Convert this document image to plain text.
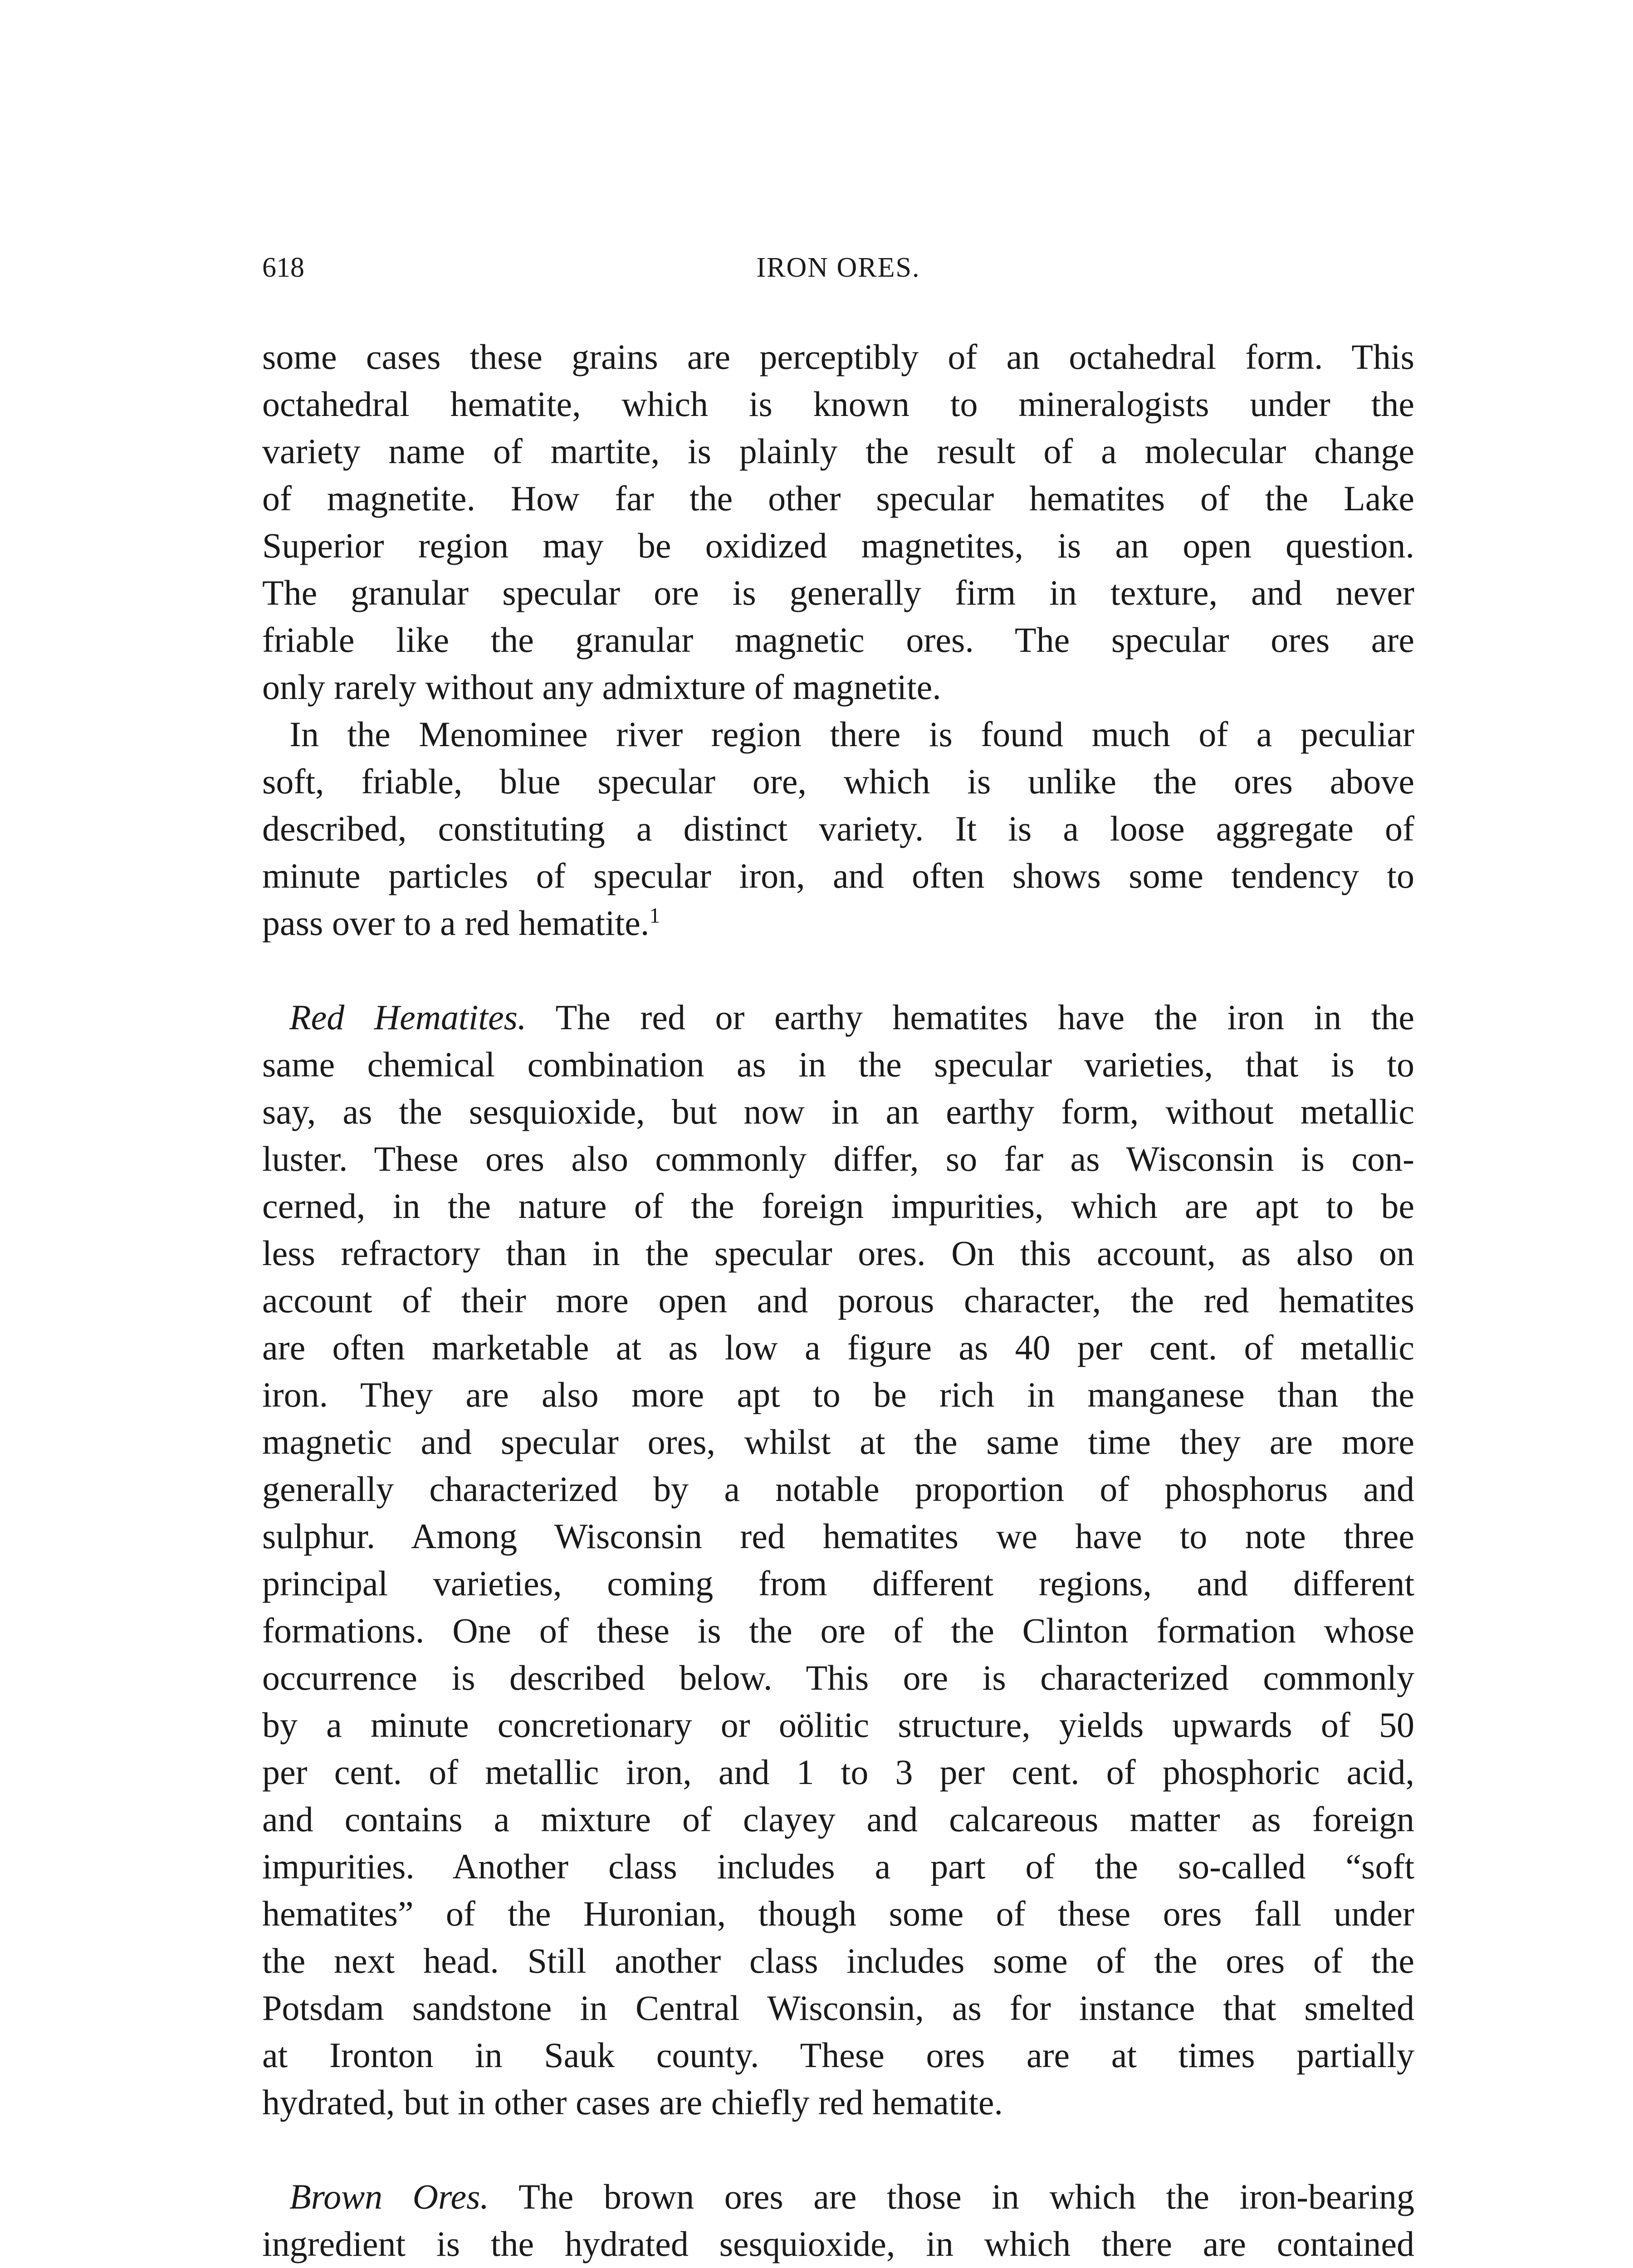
618	IRON ORES.
some cases these grains are perceptibly of an octahedral form. This
octahedral hematite, which is known to mineralogists under the
variety name of martite, is plainly the result of a molecular change
of magnetite. How far the other specular hematites of the Lake
Superior region may be oxidized magnetites, is an open question.
The granular specular ore is generally firm in texture, and never
friable like the granular magnetic ores. The specular ores are
only rarely without any admixture of magnetite.
In the Menominee river region there is found much of a peculiar
soft, friable, blue specular ore, which is unlike the ores above
described, constituting a distinct variety. It is a loose aggregate of
minute particles of specular iron, and often shows some tendency to
pass over to a red hematite.$^1$
Red Hematites. The red or earthy hematites have the iron in the
same chemical combination as in the specular varieties, that is to
say, as the sesquioxide, but now in an earthy form, without metallic
luster. These ores also commonly differ, so far as Wisconsin is con-
cerned, in the nature of the foreign impurities, which are apt to be
less refractory than in the specular ores. On this account, as also on
account of their more open and porous character, the red hematites
are often marketable at as low a figure as 40 per cent. of metallic
iron. They are also more apt to be rich in manganese than the
magnetic and specular ores, whilst at the same time they are more
generally characterized by a notable proportion of phosphorus and
sulphur. Among Wisconsin red hematites we have to note three
principal varieties, coming from different regions, and different
formations. One of these is the ore of the Clinton formation whose
occurrence is described below. This ore is characterized commonly
by a minute concretionary or oölitic structure, yields upwards of 50
per cent. of metallic iron, and 1 to 3 per cent. of phosphoric acid,
and contains a mixture of clayey and calcareous matter as foreign
impurities. Another class includes a part of the so-called “soft
hematites” of the Huronian, though some of these ores fall under
the next head. Still another class includes some of the ores of the
Potsdam sandstone in Central Wisconsin, as for instance that smelted
at Ironton in Sauk county. These ores are at times partially
hydrated, but in other cases are chiefly red hematite.
Brown Ores. The brown ores are those in which the iron-bearing
ingredient is the hydrated sesquioxide, in which there are contained
